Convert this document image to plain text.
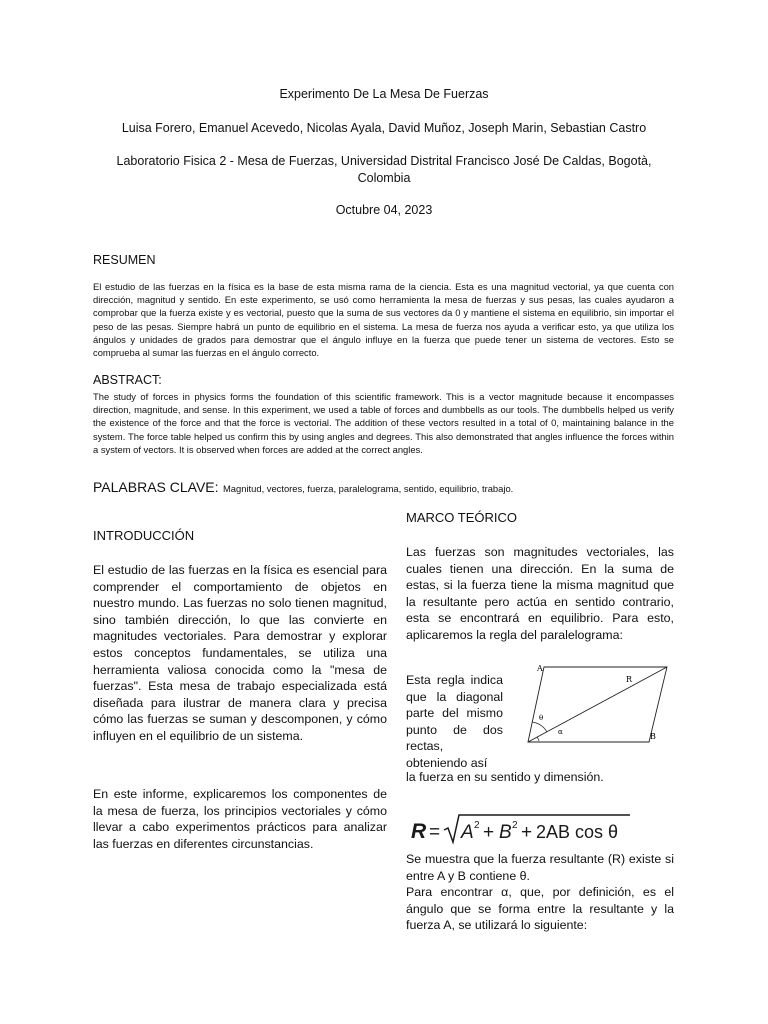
Experimento De La Mesa De Fuerzas
Luisa Forero, Emanuel Acevedo, Nicolas Ayala, David Muñoz, Joseph Marin, Sebastian Castro
Laboratorio Fisica 2 - Mesa de Fuerzas, Universidad Distrital Francisco José De Caldas, Bogotà, Colombia
Octubre 04, 2023
RESUMEN

El estudio de las fuerzas en la física es la base de esta misma rama de la ciencia. Esta es una magnitud vectorial, ya que cuenta con dirección, magnitud y sentido. En este experimento, se usó como herramienta la mesa de fuerzas y sus pesas, las cuales ayudaron a comprobar que la fuerza existe y es vectorial, puesto que la suma de sus vectores da 0 y mantiene el sistema en equilibrio, sin importar el peso de las pesas. Siempre habrá un punto de equilibrio en el sistema. La mesa de fuerza nos ayuda a verificar esto, ya que utiliza los ángulos y unidades de grados para demostrar que el ángulo influye en la fuerza que puede tener un sistema de vectores. Esto se comprueba al sumar las fuerzas en el ángulo correcto.

ABSTRACT:

The study of forces in physics forms the foundation of this scientific framework. This is a vector magnitude because it encompasses direction, magnitude, and sense. In this experiment, we used a table of forces and dumbbells as our tools. The dumbbells helped us verify the existence of the force and that the force is vectorial. The addition of these vectors resulted in a total of 0, maintaining balance in the system. The force table helped us confirm this by using angles and degrees. This also demonstrated that angles influence the forces within a system of vectors. It is observed when forces are added at the correct angles.

PALABRAS CLAVE: Magnitud, vectores, fuerza, paralelograma, sentido, equilibrio, trabajo.
INTRODUCCIÓN

El estudio de las fuerzas en la física es esencial para comprender el comportamiento de objetos en nuestro mundo. Las fuerzas no solo tienen magnitud, sino también dirección, lo que las convierte en magnitudes vectoriales. Para demostrar y explorar estos conceptos fundamentales, se utiliza una herramienta valiosa conocida como la "mesa de fuerzas". Esta mesa de trabajo especializada está diseñada para ilustrar de manera clara y precisa cómo las fuerzas se suman y descomponen, y cómo influyen en el equilibrio de un sistema.

En este informe, explicaremos los componentes de la mesa de fuerza, los principios vectoriales y cómo llevar a cabo experimentos prácticos para analizar las fuerzas en diferentes circunstancias.

MARCO TEÓRICO

Las fuerzas son magnitudes vectoriales, las cuales tienen una dirección. En la suma de estas, si la fuerza tiene la misma magnitud que la resultante pero actúa en sentido contrario, esta se encontrará en equilibrio. Para esto, aplicaremos la regla del paralelograma:

Esta regla indica que la diagonal parte del mismo punto de dos rectas, obteniendo así

la fuerza en su sentido y dimensión.

A
R
B
θ
α
R = A 2 + B 2 + 2AB cos θ

Se muestra que la fuerza resultante (R) existe si entre A y B contiene θ.

Para encontrar α, que, por definición, es el ángulo que se forma entre la resultante y la fuerza A, se utilizará lo siguiente:
